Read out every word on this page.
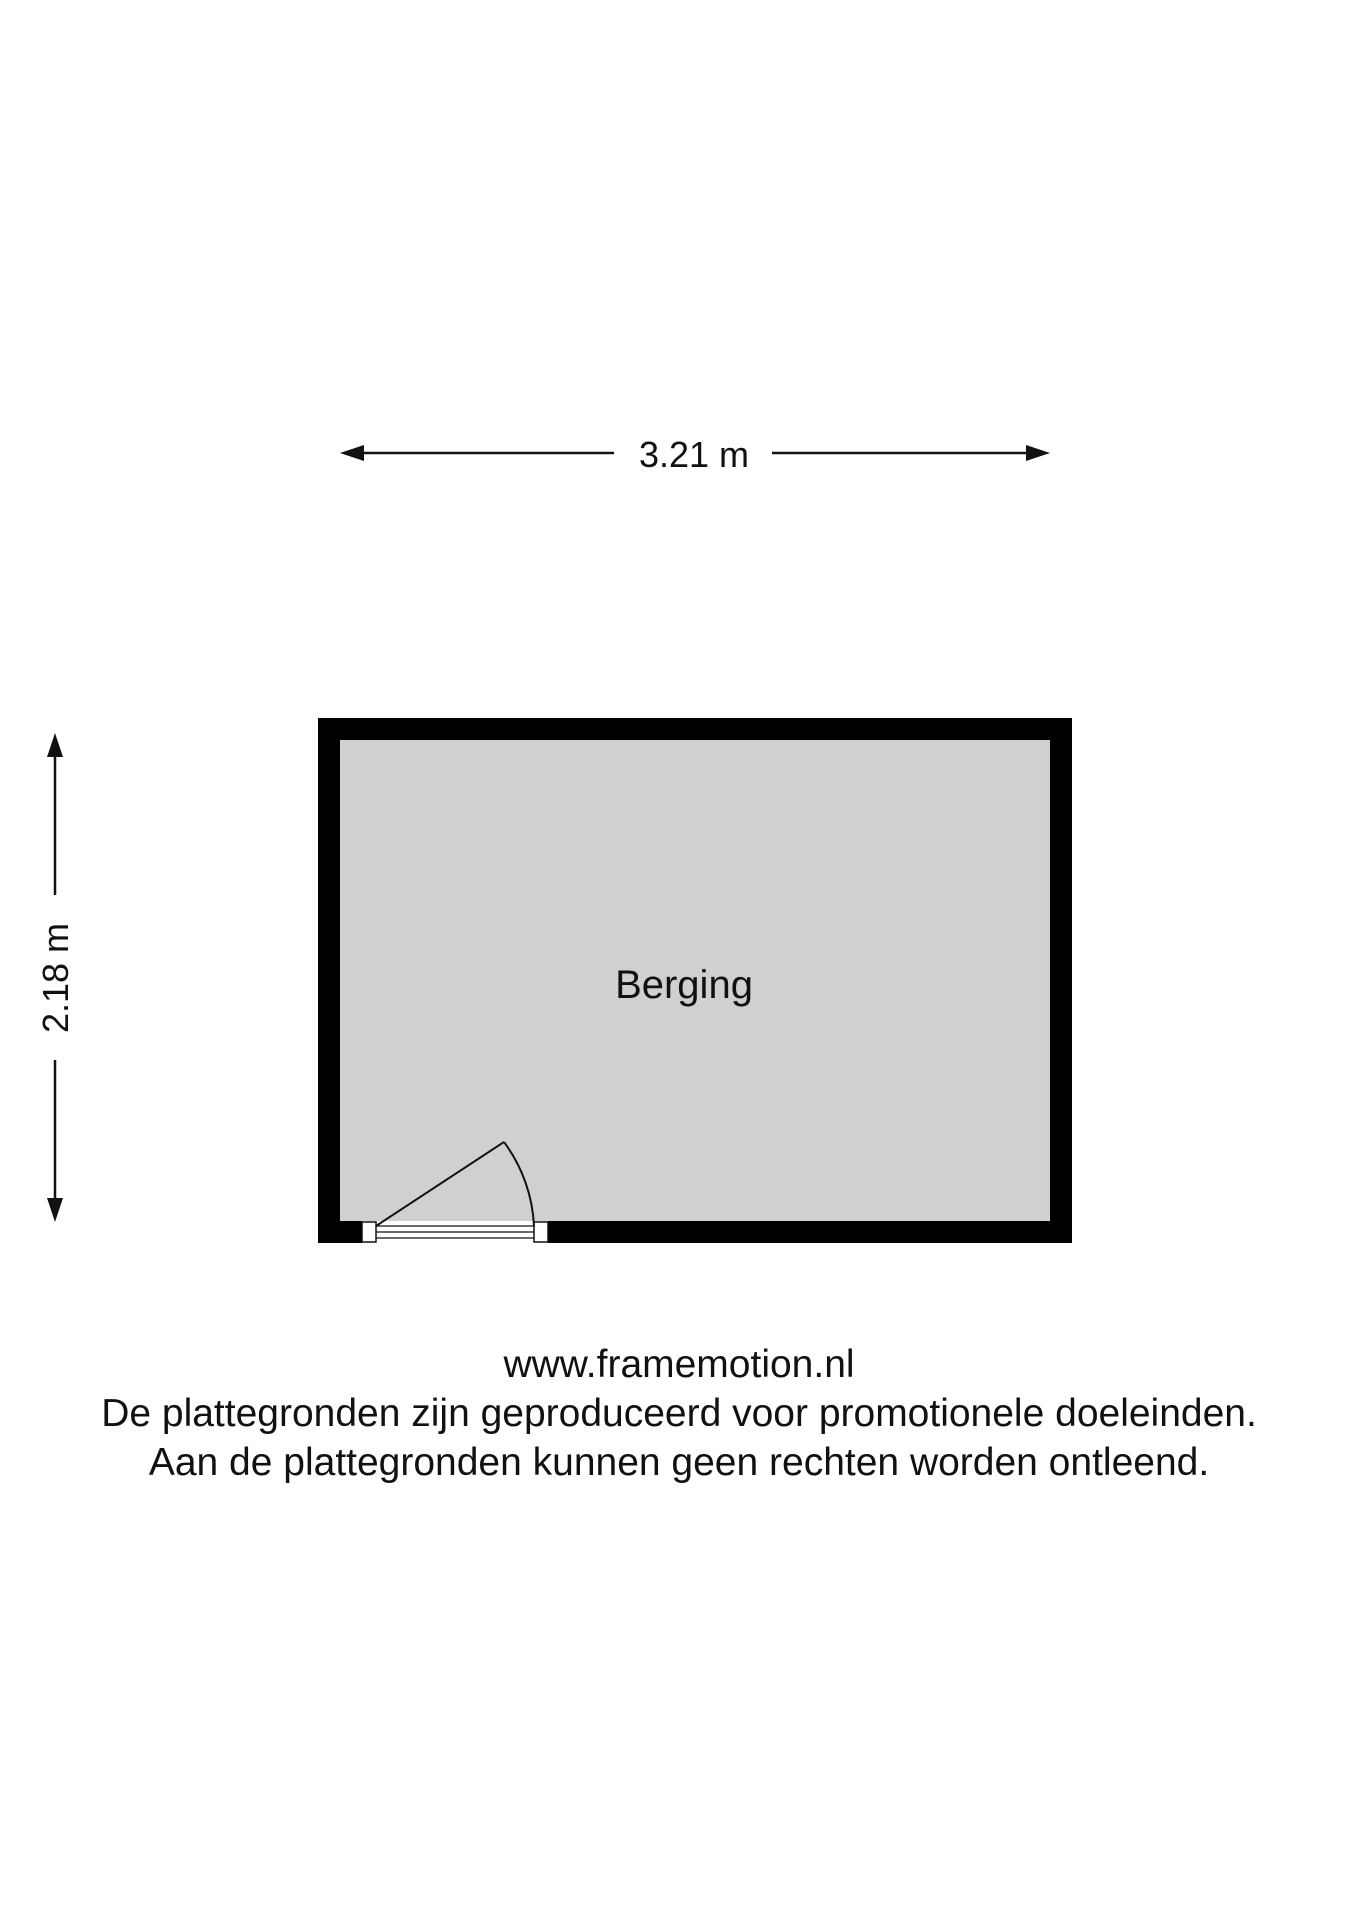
3.21 m
2.18 m	Berging
www.framemotion.nl
De plattegronden zijn geproduceerd voor promotionele doeleinden.
Aan de plattegronden kunnen geen rechten worden ontleend.
